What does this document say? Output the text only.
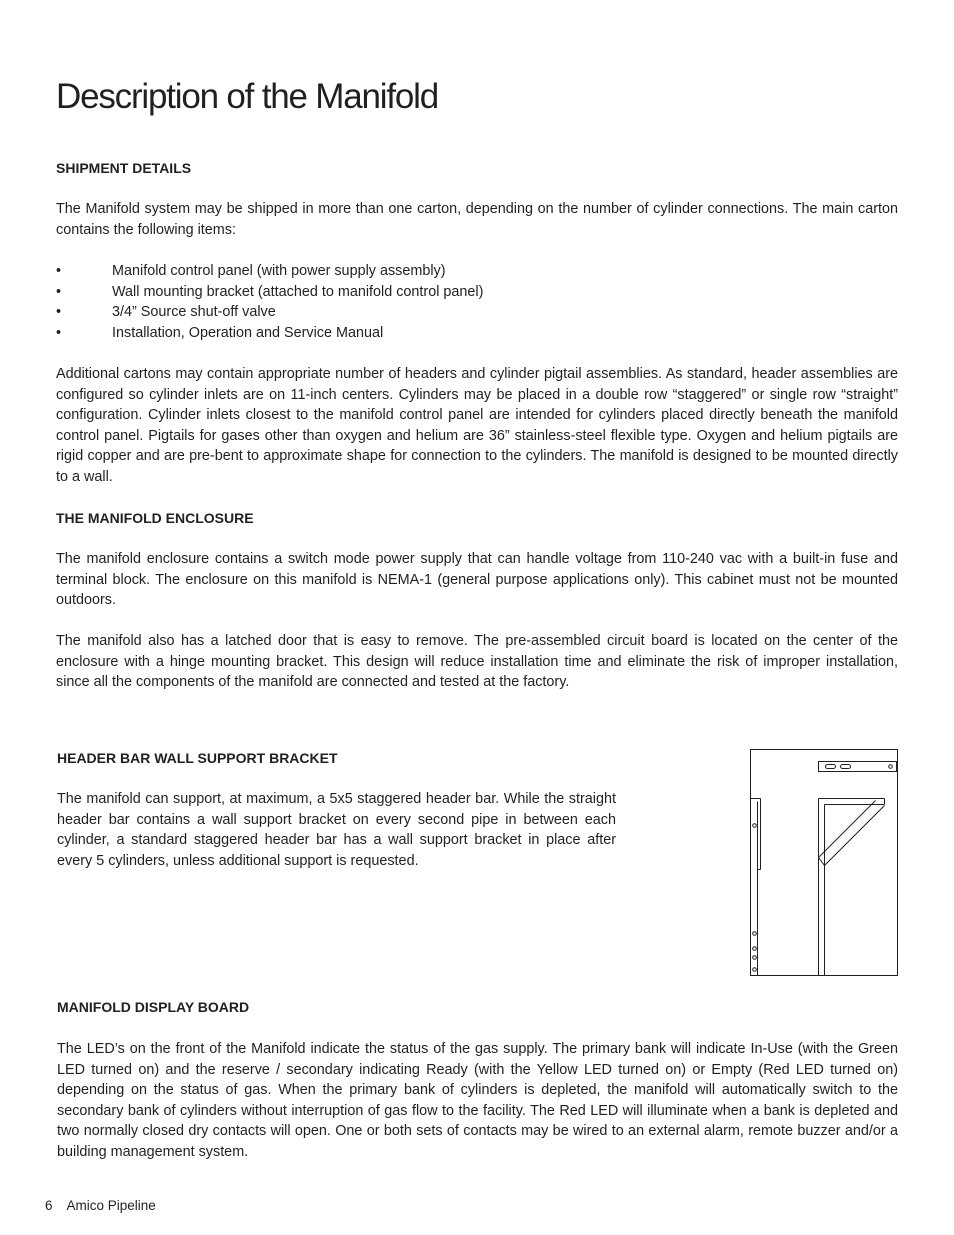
Description of the Manifold
SHIPMENT DETAILS

The Manifold system may be shipped in more than one carton, depending on the number of cylinder connections. The main carton contains the following items:

•	Manifold control panel (with power supply assembly)
•	Wall mounting bracket (attached to manifold control panel)
•	3/4” Source shut-off valve
•	Installation, Operation and Service Manual

Additional cartons may contain appropriate number of headers and cylinder pigtail assemblies. As standard, header assemblies are configured so cylinder inlets are on 11-inch centers. Cylinders may be placed in a double row “staggered” or single row “straight” configuration. Cylinder inlets closest to the manifold control panel are intended for cylinders placed directly beneath the manifold control panel. Pigtails for gases other than oxygen and helium are 36” stainless-steel flexible type. Oxygen and helium pigtails are rigid copper and are pre-bent to approximate shape for connection to the cylinders. The manifold is designed to be mounted directly to a wall.

THE MANIFOLD ENCLOSURE

The manifold enclosure contains a switch mode power supply that can handle voltage from 110-240 vac with a built-in fuse and terminal block. The enclosure on this manifold is NEMA-1 (general purpose applications only). This cabinet must not be mounted outdoors.

The manifold also has a latched door that is easy to remove. The pre-assembled circuit board is located on the center of the enclosure with a hinge mounting bracket. This design will reduce installation time and eliminate the risk of improper installation, since all the components of the manifold are connected and tested at the factory.

HEADER BAR WALL SUPPORT BRACKET

The manifold can support, at maximum, a 5x5 staggered header bar. While the straight header bar contains a wall support bracket on every second pipe in between each cylinder, a standard staggered header bar has a wall support bracket in place after every 5 cylinders, unless additional support is requested.

MANIFOLD DISPLAY BOARD

The LED’s on the front of the Manifold indicate the status of the gas supply. The primary bank will indicate In-Use (with the Green LED turned on) and the reserve / secondary indicating Ready (with the Yellow LED turned on) or Empty (Red LED turned on) depending on the status of gas. When the primary bank of cylinders is depleted, the manifold will automatically switch to the secondary bank of cylinders without interruption of gas flow to the facility. The Red LED will illuminate when a bank is depleted and two normally closed dry contacts will open. One or both sets of contacts may be wired to an external alarm, remote buzzer and/or a building management system.

6 Amico Pipeline
